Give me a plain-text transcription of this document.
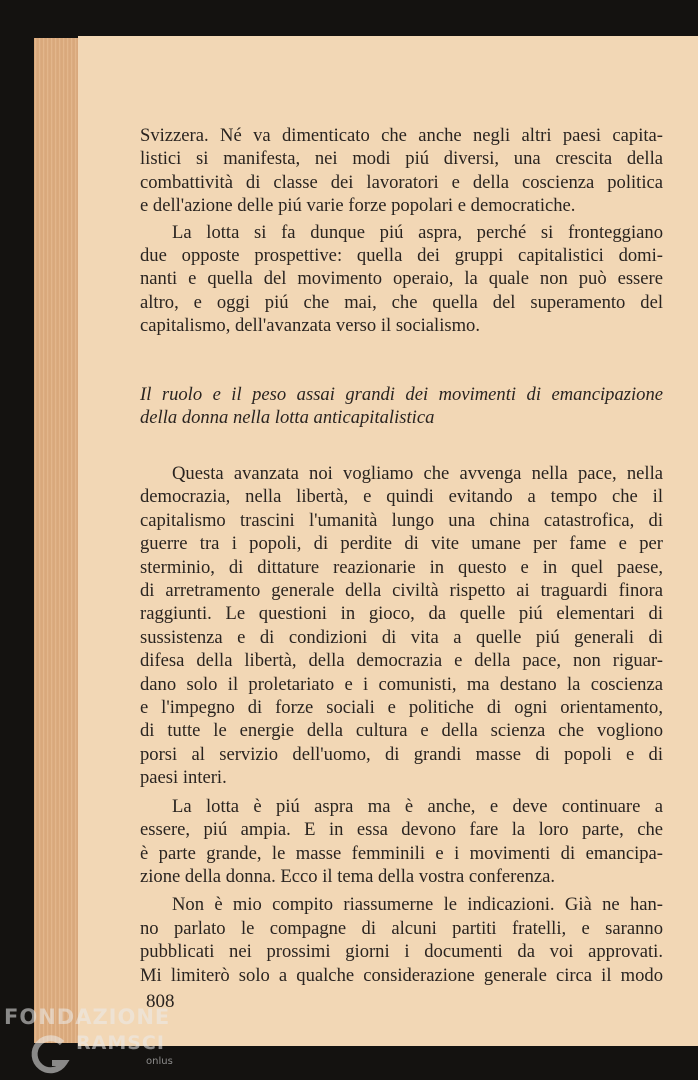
Svizzera. Né va dimenticato che anche negli altri paesi capita-
listici si manifesta, nei modi piú diversi, una crescita della
combattività di classe dei lavoratori e della coscienza politica
e dell'azione delle piú varie forze popolari e democratiche.

La lotta si fa dunque piú aspra, perché si fronteggiano
due opposte prospettive: quella dei gruppi capitalistici domi-
nanti e quella del movimento operaio, la quale non può essere
altro, e oggi piú che mai, che quella del superamento del
capitalismo, dell'avanzata verso il socialismo.

Il ruolo e il peso assai grandi dei movimenti di emancipazione
della donna nella lotta anticapitalistica

Questa avanzata noi vogliamo che avvenga nella pace, nella
democrazia, nella libertà, e quindi evitando a tempo che il
capitalismo trascini l'umanità lungo una china catastrofica, di
guerre tra i popoli, di perdite di vite umane per fame e per
sterminio, di dittature reazionarie in questo e in quel paese,
di arretramento generale della civiltà rispetto ai traguardi finora
raggiunti. Le questioni in gioco, da quelle piú elementari di
sussistenza e di condizioni di vita a quelle piú generali di
difesa della libertà, della democrazia e della pace, non riguar-
dano solo il proletariato e i comunisti, ma destano la coscienza
e l'impegno di forze sociali e politiche di ogni orientamento,
di tutte le energie della cultura e della scienza che vogliono
porsi al servizio dell'uomo, di grandi masse di popoli e di
paesi interi.

La lotta è piú aspra ma è anche, e deve continuare a
essere, piú ampia. E in essa devono fare la loro parte, che
è parte grande, le masse femminili e i movimenti di emancipa-
zione della donna. Ecco il tema della vostra conferenza.

Non è mio compito riassumerne le indicazioni. Già ne han-
no parlato le compagne di alcuni partiti fratelli, e saranno
pubblicati nei prossimi giorni i documenti da voi approvati.
Mi limiterò solo a qualche considerazione generale circa il modo

808
FONDAZIONE
RAMSCI
onlus
